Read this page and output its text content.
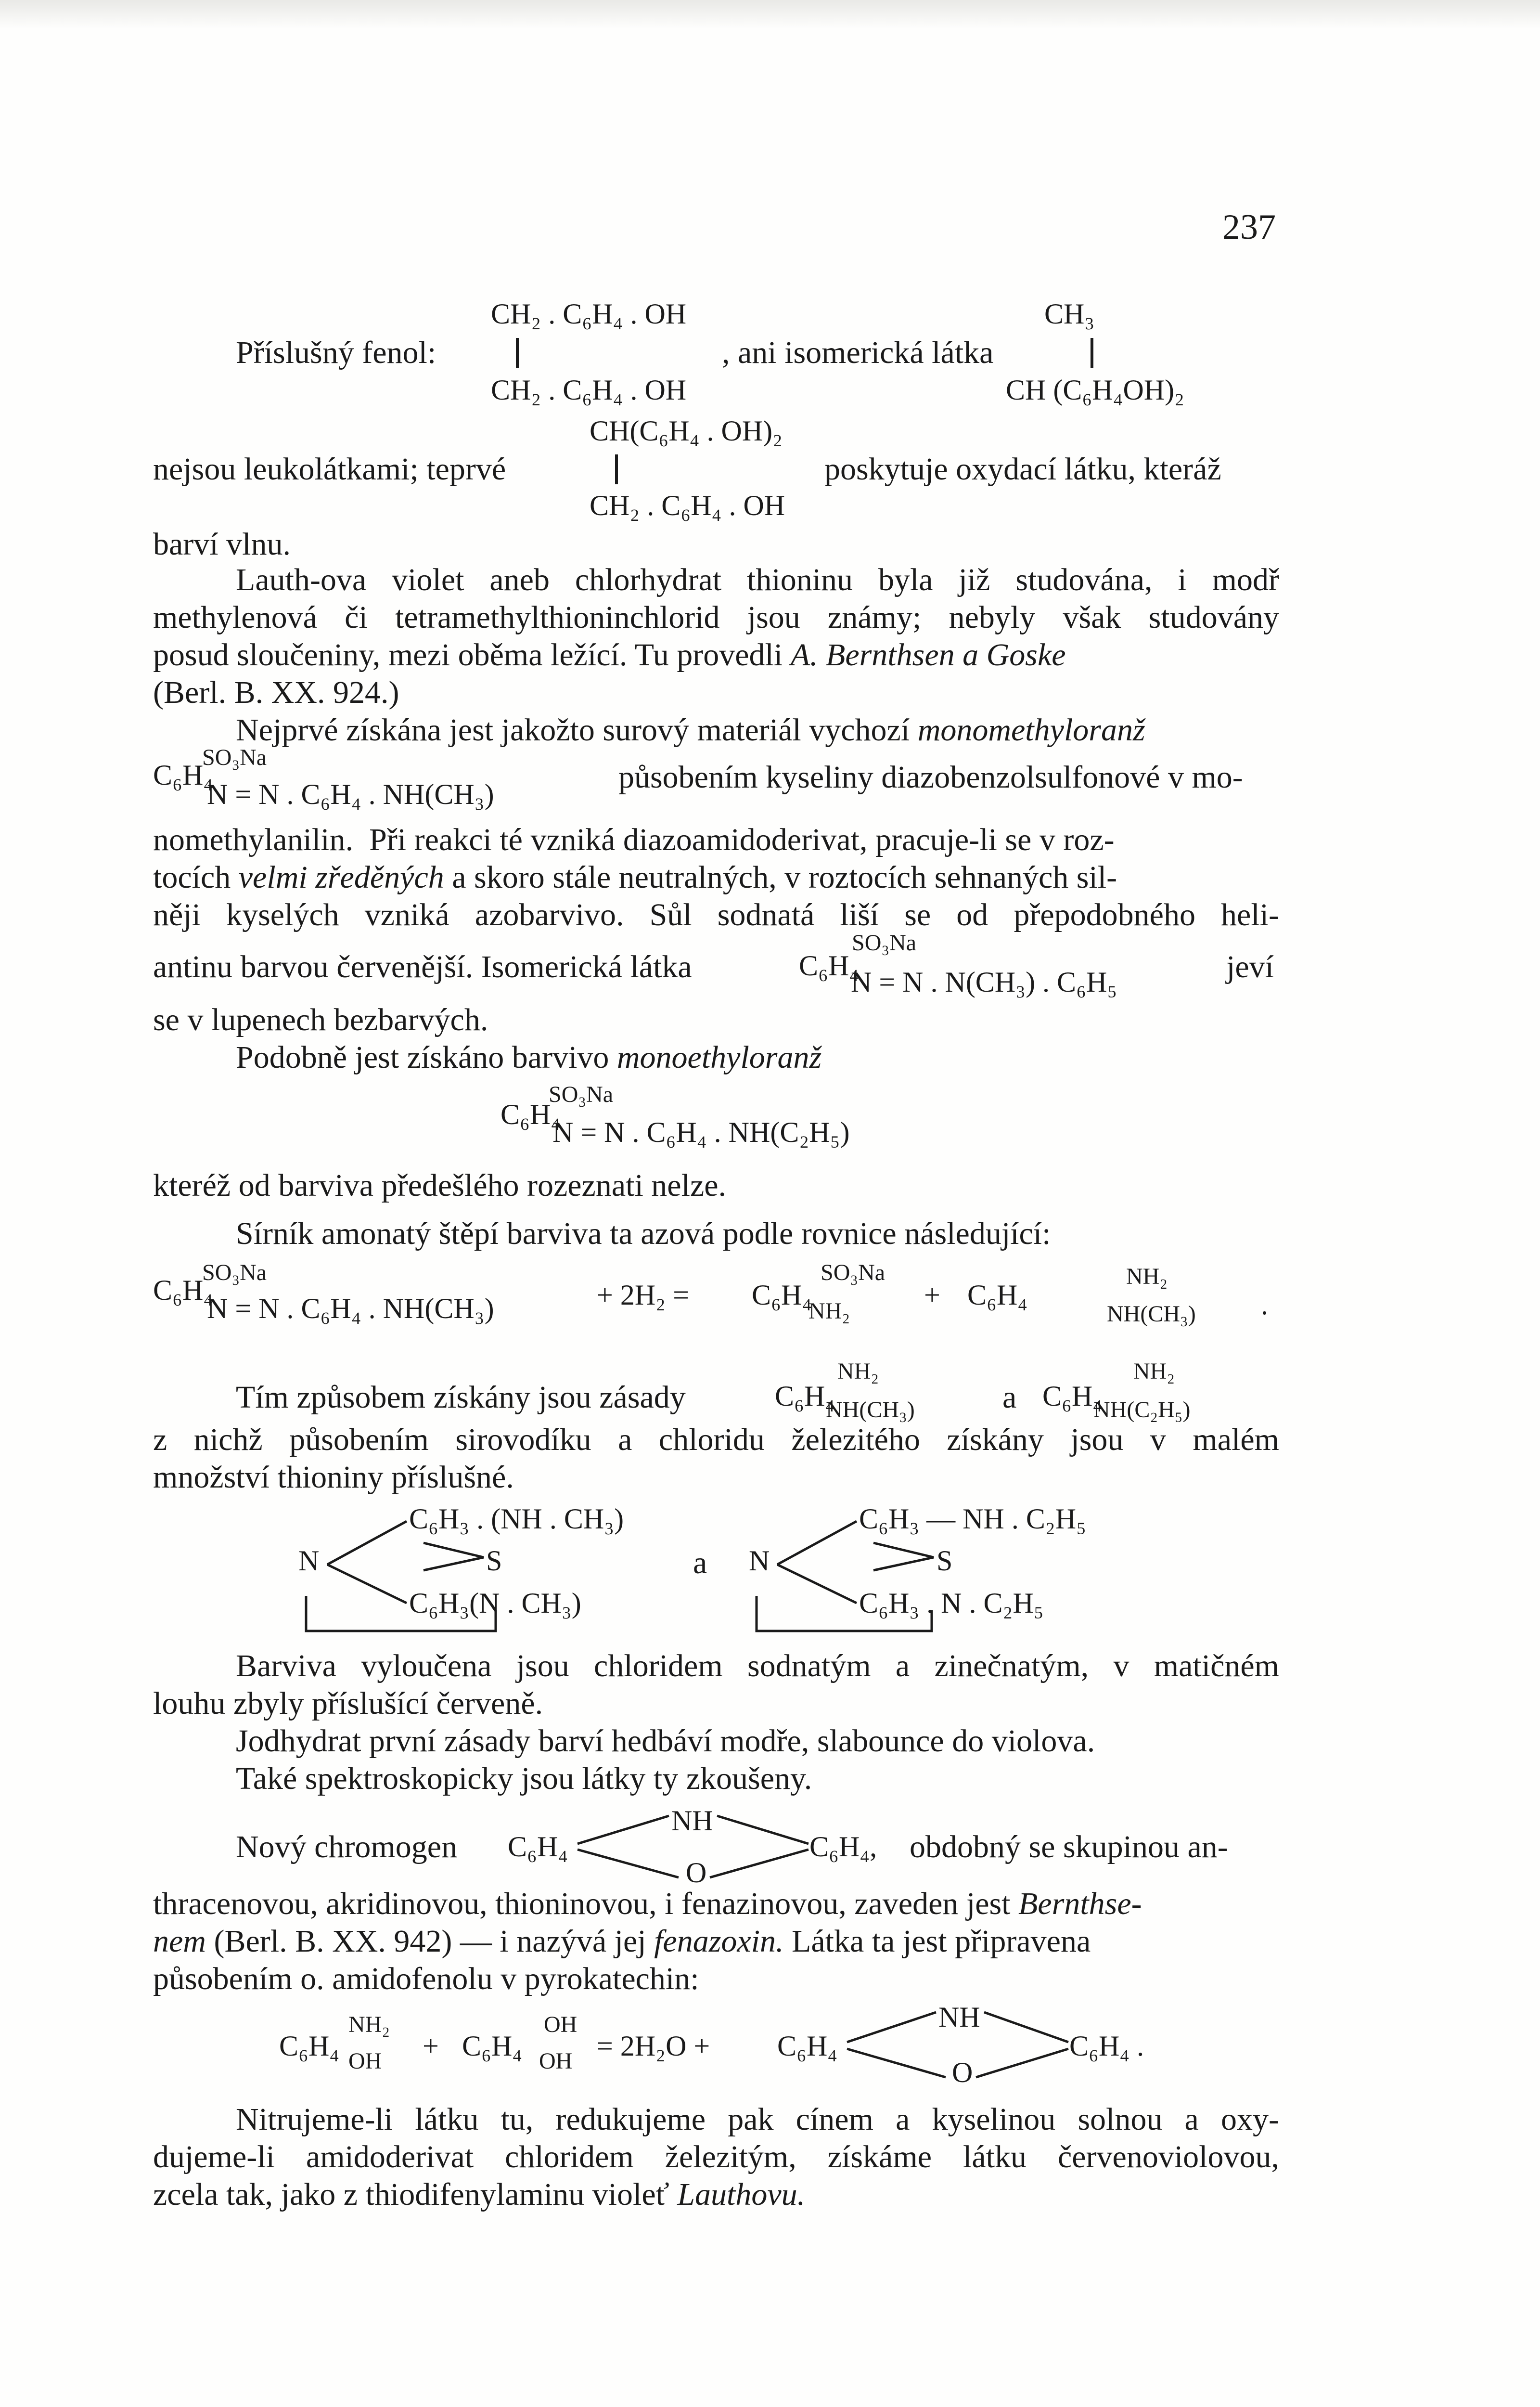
237
CH₂ . C₆H₄ . OH
Příslušný fenol:	, ani isomerická látka
CH₂ . C₆H₄ . OH
CH₃
CH (C₆H₄OH)₂
CH(C₆H₄ . OH)₂
nejsou leukolátkami; teprvé	poskytuje oxydací látku, kteráž
CH₂ . C₆H₄ . OH
barví vlnu.
Lauth-ova violet aneb chlorhydrat thioninu byla již studována, i modř
methylenová či tetramethylthioninchlorid jsou známy; nebyly však studovány
posud sloučeniny, mezi oběma ležící. Tu provedli A. Bernthsen a Goske
(Berl. B. XX. 924.)
Nejprvé získána jest jakožto surový materiál vychozí monomethyloranž
SO₃Na
C₆H₄
N = N . C₆H₄ . NH(CH₃)	působením kyseliny diazobenzolsulfonové v mo-
nomethylanilin. Při reakci té vzniká diazoamidoderivat, pracuje-li se v roz-
tocích velmi zředěných a skoro stále neutralných, v roztocích sehnaných sil-
něji kyselých vzniká azobarvivo. Sůl sodnatá liší se od přepodobného heli-
antinu barvou červenější. Isomerická látka
SO₃Na
C₆H₄
N = N . N(CH₃) . C₆H₅	jeví
se v lupenech bezbarvých.
Podobně jest získáno barvivo monoethyloranž
SO₃Na
C₆H₄
N = N . C₆H₄ . NH(C₂H₅)
kteréž od barviva předešlého rozeznati nelze.
Sírník amonatý štěpí barviva ta azová podle rovnice následující:
SO₃Na
C₆H₄
N = N . C₆H₄ . NH(CH₃)	+ 2H₂ = C₆H₄
SO₃Na
NH₂
+ C₆H₄
NH₂
NH(CH₃) .
Tím způsobem získány jsou zásady	C₆H₄
NH₂
NH(CH₃)	a C₆H₄
NH₂
NH(C₂H₅)
z nichž působením sirovodíku a chloridu železitého získány jsou v malém
množství thioniny příslušné.
C₆H₃ . (NH . CH₃)
N	S
C₆H₃(N . CH₃)
a
C₆H₃ — NH . C₂H₅
N	S
C₆H₃ . N . C₂H₅
Barviva vyloučena jsou chloridem sodnatým a zinečnatým, v matičném
louhu zbyly příslušící červeně.
Jodhydrat první zásady barví hedbáví modře, slabounce do violova.
Také spektroskopicky jsou látky ty zkoušeny.
Nový chromogen C₆H₄
NH
O
C₆H₄, obdobný se skupinou an-
thracenovou, akridinovou, thioninovou, i fenazinovou, zaveden jest Bernthse-
nem (Berl. B. XX. 942) — i nazývá jej fenazoxin. Látka ta jest připravena
působením o. amidofenolu v pyrokatechin:
C₆H₄
NH₂
OH + C₆H₄
OH
OH = 2H₂O + C₆H₄
NH
O
C₆H₄ .
Nitrujeme-li látku tu, redukujeme pak cínem a kyselinou solnou a oxy-
dujeme-li amidoderivat chloridem železitým, získáme látku červenoviolovou,
zcela tak, jako z thiodifenylaminu violeť Lauthovu.
